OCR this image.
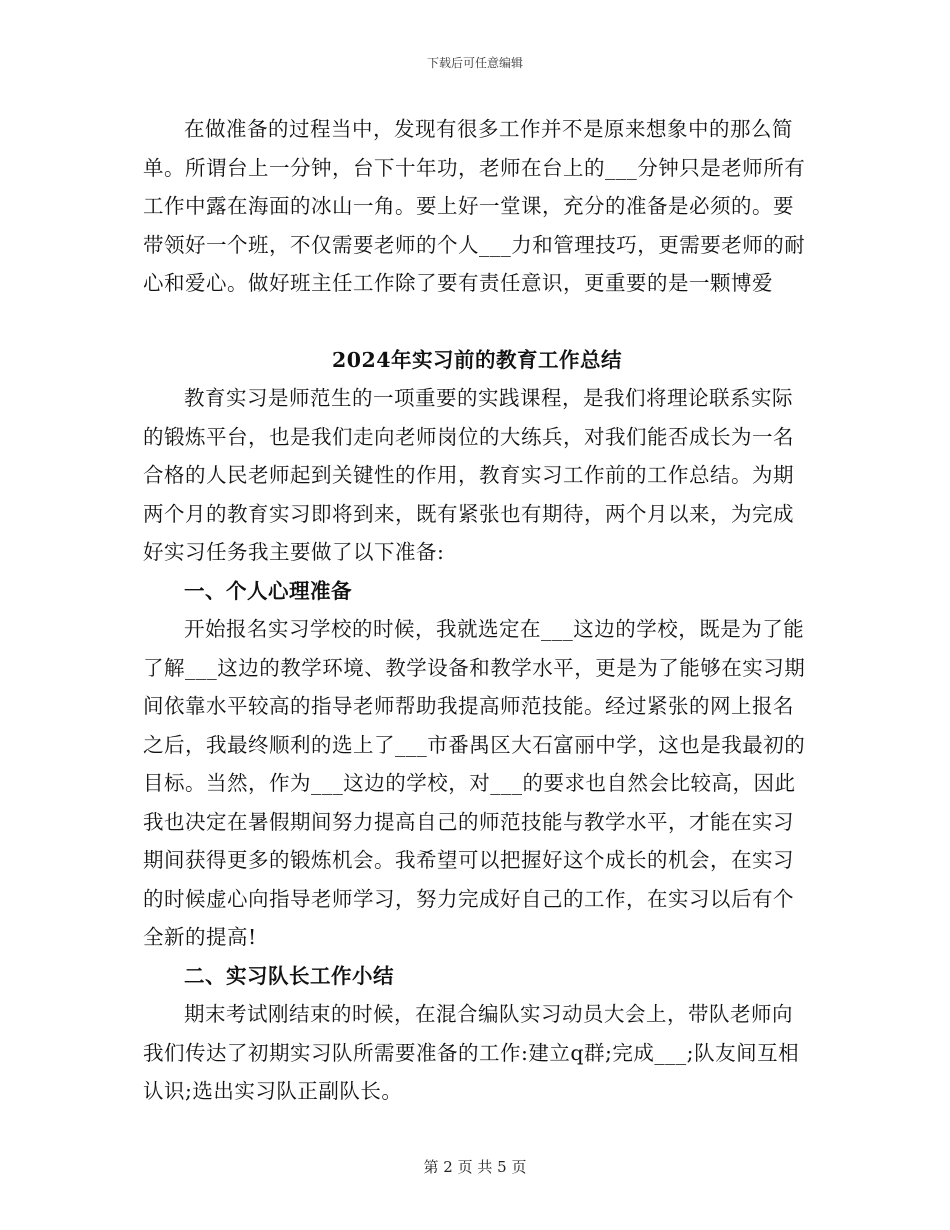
下载后可任意编辑

在做准备的过程当中，发现有很多工作并不是原来想象中的那么简单。所谓台上一分钟，台下十年功，老师在台上的___分钟只是老师所有工作中露在海面的冰山一角。要上好一堂课，充分的准备是必须的。要带领好一个班，不仅需要老师的个人___力和管理技巧，更需要老师的耐心和爱心。做好班主任工作除了要有责任意识，更重要的是一颗博爱

2024年实习前的教育工作总结

教育实习是师范生的一项重要的实践课程，是我们将理论联系实际的锻炼平台，也是我们走向老师岗位的大练兵，对我们能否成长为一名合格的人民老师起到关键性的作用，教育实习工作前的工作总结。为期两个月的教育实习即将到来，既有紧张也有期待，两个月以来，为完成好实习任务我主要做了以下准备:

一、个人心理准备

开始报名实习学校的时候，我就选定在___这边的学校，既是为了能了解___这边的教学环境、教学设备和教学水平，更是为了能够在实习期间依靠水平较高的指导老师帮助我提高师范技能。经过紧张的网上报名之后，我最终顺利的选上了___市番禺区大石富丽中学，这也是我最初的目标。当然，作为___这边的学校，对___的要求也自然会比较高，因此我也决定在暑假期间努力提高自己的师范技能与教学水平，才能在实习期间获得更多的锻炼机会。我希望可以把握好这个成长的机会，在实习的时候虚心向指导老师学习，努力完成好自己的工作，在实习以后有个全新的提高!

二、实习队长工作小结

期末考试刚结束的时候，在混合编队实习动员大会上，带队老师向我们传达了初期实习队所需要准备的工作:建立q群;完成___;队友间互相认识;选出实习队正副队长。

第 2 页 共 5 页
